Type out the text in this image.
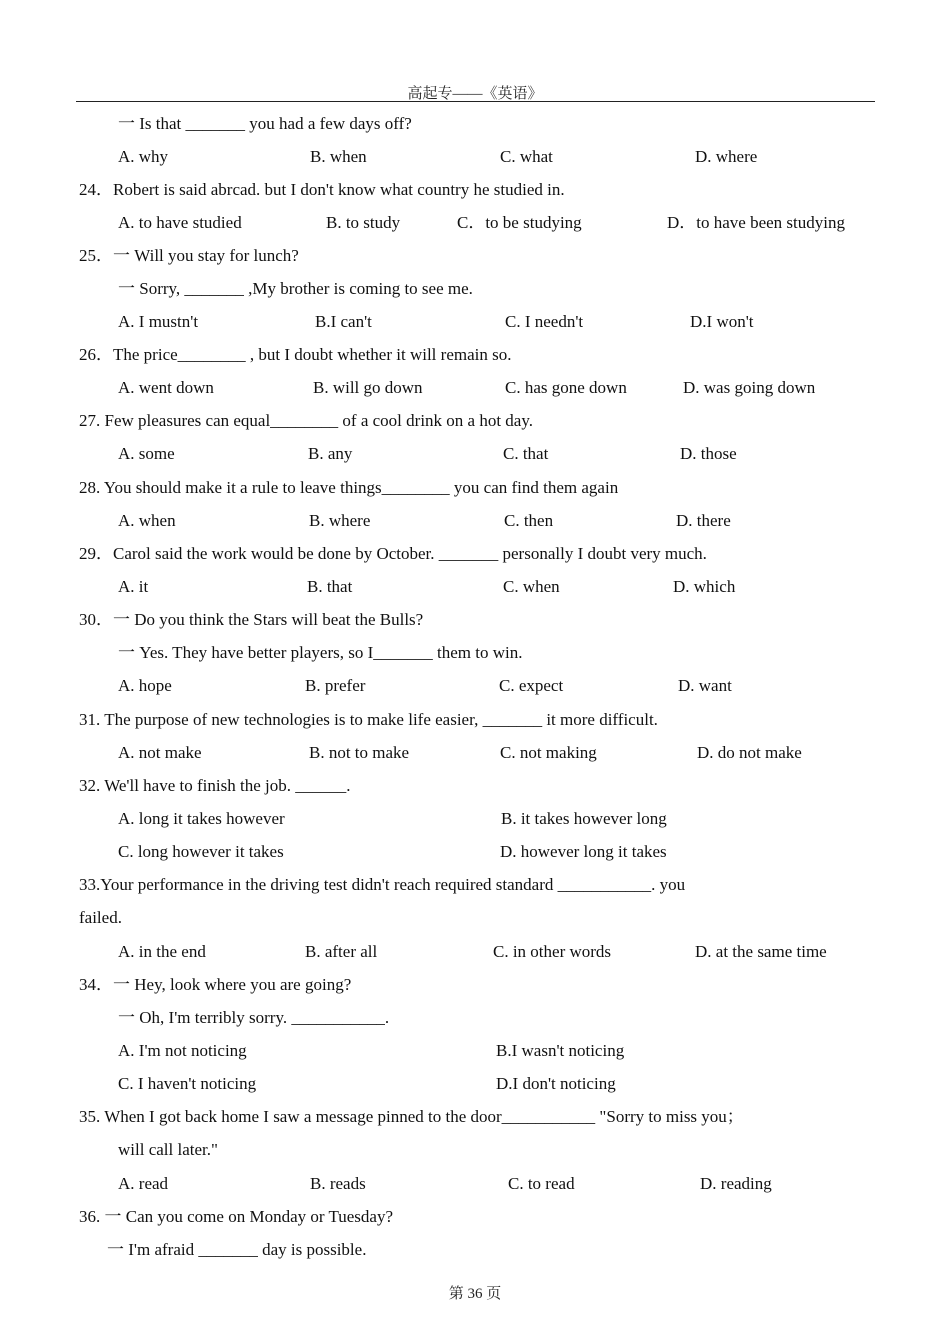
高起专——《英语》
一 Is that _______ you had a few days off?
A. why	B. when	C. what	D. where
24．Robert is said abrcad. but I don't know what country he studied in.
A. to have studied	B. to study	C．to be studying	D．to have been studying
25．一 Will you stay for lunch?
一 Sorry, _______ ,My brother is coming to see me.
A. I mustn't	B.I can't	C. I needn't	D.I won't
26．The price________ , but I doubt whether it will remain so.
A. went down	B. will go down	C. has gone down	D. was going down
27. Few pleasures can equal________ of a cool drink on a hot day.
A. some	B. any	C. that	D. those
28. You should make it a rule to leave things________ you can find them again
A. when	B. where	C. then	D. there
29．Carol said the work would be done by October. _______ personally I doubt very much.
A. it	B. that	C. when	D. which
30．一 Do you think the Stars will beat the Bulls?
一 Yes. They have better players, so I_______ them to win.
A. hope	B. prefer	C. expect	D. want
31. The purpose of new technologies is to make life easier, _______ it more difficult.
A. not make	B. not to make	C. not making	D. do not make
32. We'll have to finish the job. ______.
A. long it takes however	B. it takes however long
C. long however it takes	D. however long it takes
33.Your performance in the driving test didn't reach required standard ___________. you
failed.
A. in the end	B. after all	C. in other words	D. at the same time
34．一 Hey, look where you are going?
一 Oh, I'm terribly sorry. ___________.
A. I'm not noticing	B.I wasn't noticing
C. I haven't noticing	D.I don't noticing
35. When I got back home I saw a message pinned to the door___________ "Sorry to miss you；
will call later."
A. read	B. reads	C. to read	D. reading
36. 一 Can you come on Monday or Tuesday?
一 I'm afraid _______ day is possible.
第 36 页
